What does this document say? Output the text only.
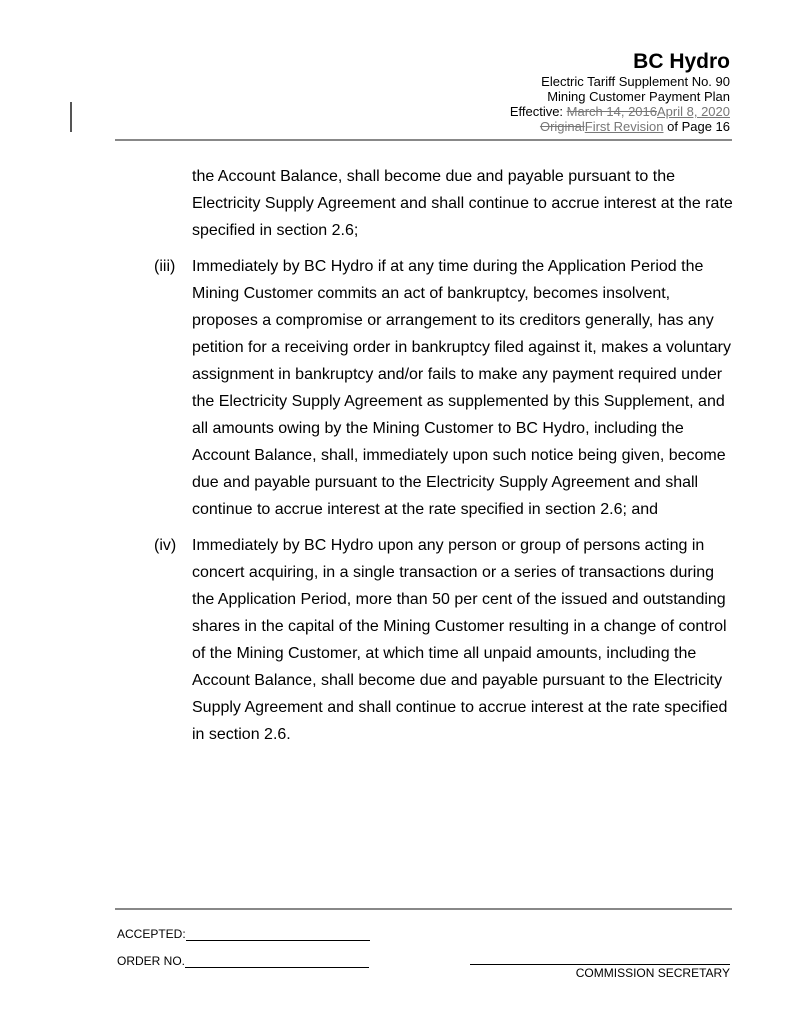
BC Hydro
Electric Tariff Supplement No. 90
Mining Customer Payment Plan
Effective: March 14, 2016April 8, 2020
OriginalFirst Revision of Page 16
the Account Balance, shall become due and payable pursuant to the Electricity Supply Agreement and shall continue to accrue interest at the rate specified in section 2.6;
(iii)	Immediately by BC Hydro if at any time during the Application Period the Mining Customer commits an act of bankruptcy, becomes insolvent, proposes a compromise or arrangement to its creditors generally, has any petition for a receiving order in bankruptcy filed against it, makes a voluntary assignment in bankruptcy and/or fails to make any payment required under the Electricity Supply Agreement as supplemented by this Supplement, and all amounts owing by the Mining Customer to BC Hydro, including the Account Balance, shall, immediately upon such notice being given, become due and payable pursuant to the Electricity Supply Agreement and shall continue to accrue interest at the rate specified in section 2.6; and
(iv) Immediately by BC Hydro upon any person or group of persons acting in concert acquiring, in a single transaction or a series of transactions during the Application Period, more than 50 per cent of the issued and outstanding shares in the capital of the Mining Customer resulting in a change of control of the Mining Customer, at which time all unpaid amounts, including the Account Balance, shall become due and payable pursuant to the Electricity Supply Agreement and shall continue to accrue interest at the rate specified in section 2.6.
ACCEPTED:
ORDER NO.
COMMISSION SECRETARY
